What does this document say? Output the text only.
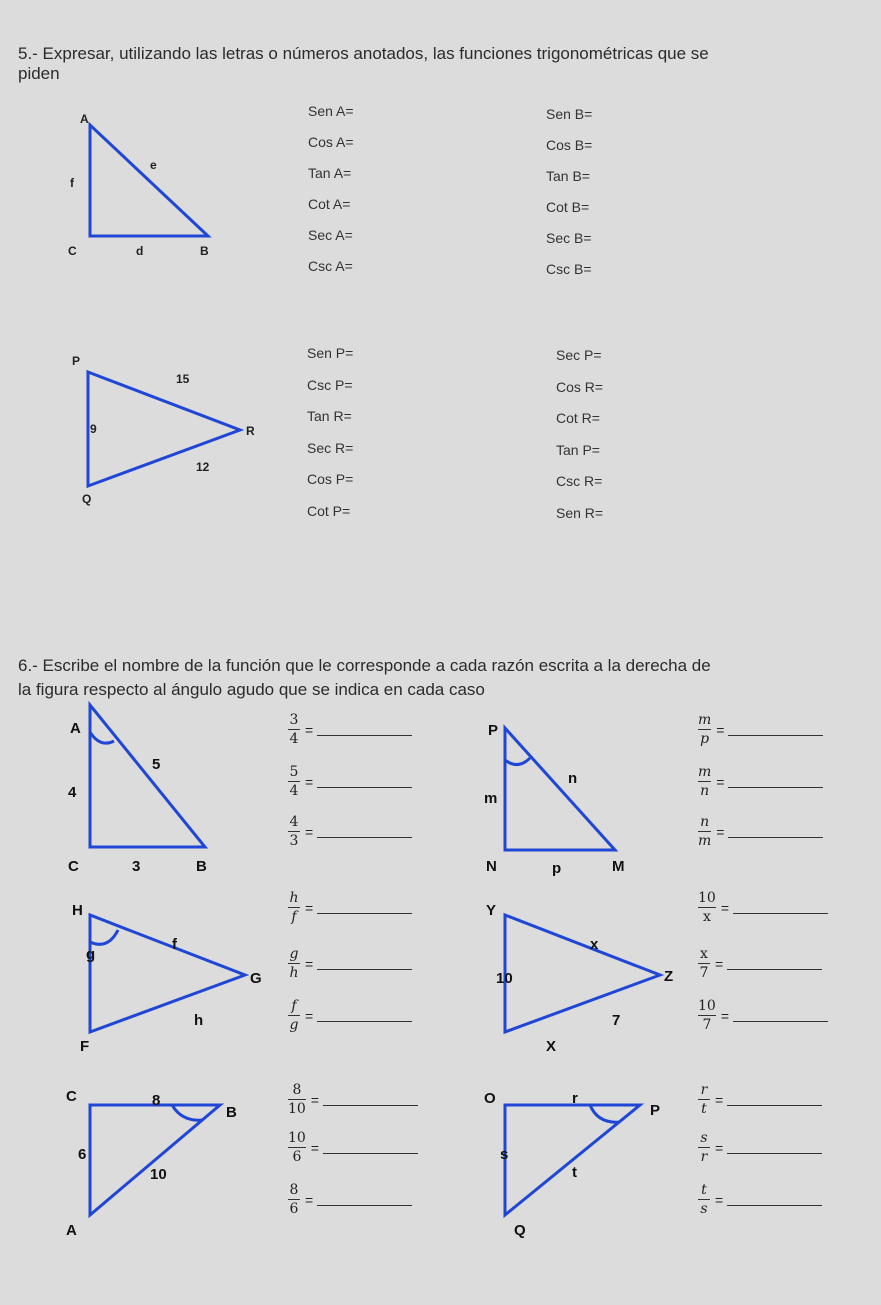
5.- Expresar, utilizando las letras o números anotados, las funciones trigonométricas que se
piden
A
e
f
C	d	B
Sen A=
Cos A=
Tan A=
Cot A=
Sec A=
Csc A=
Sen B=
Cos B=
Tan B=
Cot B=
Sec B=
Csc B=
P
15
9	R
12
Q
Sen P=
Csc P=
Tan R=
Sec R=
Cos P=
Cot P=
Sec P=
Cos R=
Cot R=
Tan P=
Csc R=
Sen R=
6.- Escribe el nombre de la función que le corresponde a cada razón escrita a la derecha de
la figura respecto al ángulo agudo que se indica en cada caso
A
5
4
C	3	B
P
n
m
N	p	M
H
f
g
G
h
F
Y
x
10	Z
7
X
C	8
B
6
10
A
O	r
P
s
t
Q
3
4
=
5
4
=
4
3
=
m
p
=
m
n
=
n
m
=
h
f
=
g
h
=
f
g
=
10
x
=
x
7
=
10
7
=
8
10
=
10
6
=
8
6
=
r
t
=
s
r
=
t
s
=
